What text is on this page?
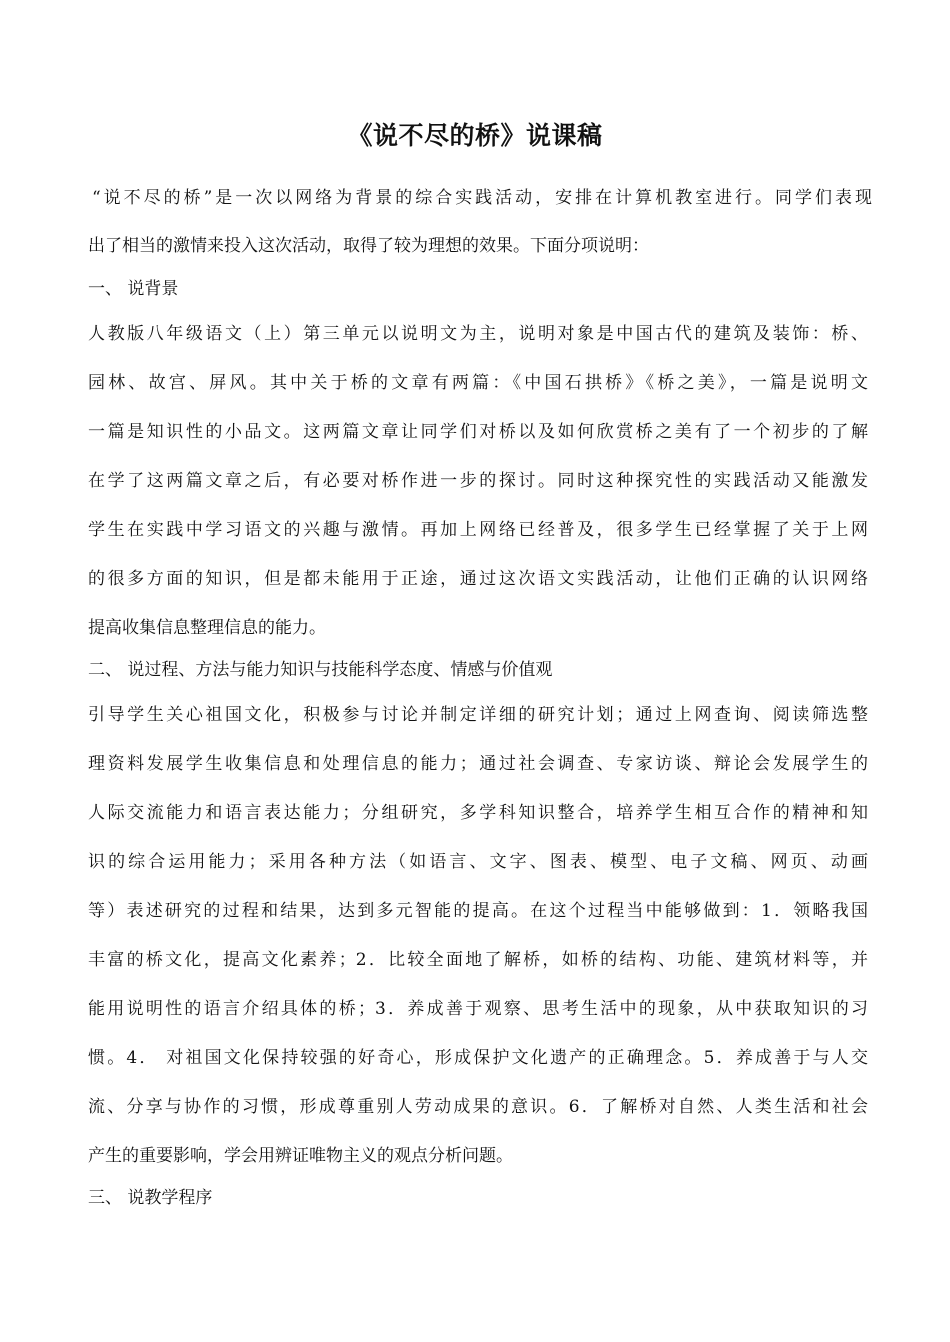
《说不尽的桥》说课稿
“说不尽的桥”是一次以网络为背景的综合实践活动，安排在计算机教室进行。同学们表现
出了相当的激情来投入这次活动，取得了较为理想的效果。下面分项说明：
一、 说背景
人教版八年级语文（上）第三单元以说明文为主，说明对象是中国古代的建筑及装饰：桥、
园林、故宫、屏风。其中关于桥的文章有两篇：《中国石拱桥》《桥之美》，一篇是说明文
一篇是知识性的小品文。这两篇文章让同学们对桥以及如何欣赏桥之美有了一个初步的了解
在学了这两篇文章之后，有必要对桥作进一步的探讨。同时这种探究性的实践活动又能激发
学生在实践中学习语文的兴趣与激情。再加上网络已经普及，很多学生已经掌握了关于上网
的很多方面的知识，但是都未能用于正途，通过这次语文实践活动，让他们正确的认识网络
提高收集信息整理信息的能力。
二、 说过程、方法与能力知识与技能科学态度、情感与价值观
引导学生关心祖国文化，积极参与讨论并制定详细的研究计划；通过上网查询、阅读筛选整
理资料发展学生收集信息和处理信息的能力；通过社会调查、专家访谈、辩论会发展学生的
人际交流能力和语言表达能力；分组研究，多学科知识整合，培养学生相互合作的精神和知
识的综合运用能力；采用各种方法（如语言、文字、图表、模型、电子文稿、网页、动画
等）表述研究的过程和结果，达到多元智能的提高。在这个过程当中能够做到：1．领略我国
丰富的桥文化，提高文化素养；2．比较全面地了解桥，如桥的结构、功能、建筑材料等，并
能用说明性的语言介绍具体的桥；3．养成善于观察、思考生活中的现象，从中获取知识的习
惯。4． 对祖国文化保持较强的好奇心，形成保护文化遗产的正确理念。5．养成善于与人交
流、分享与协作的习惯，形成尊重别人劳动成果的意识。6．了解桥对自然、人类生活和社会
产生的重要影响，学会用辨证唯物主义的观点分析问题。
三、 说教学程序
